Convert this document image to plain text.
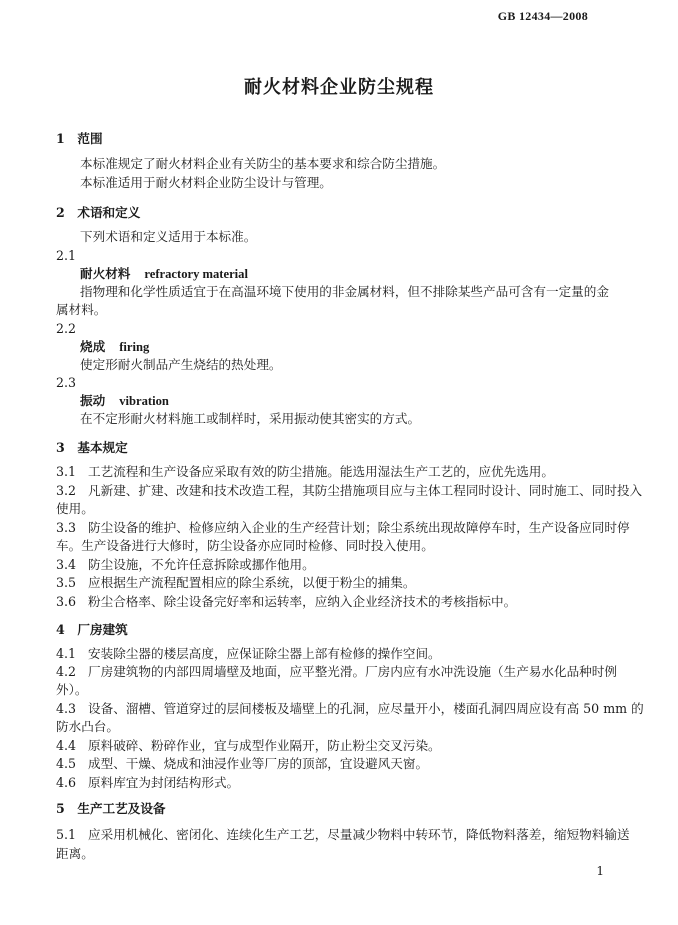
GB 12434—2008
耐火材料企业防尘规程
1　范围
本标准规定了耐火材料企业有关防尘的基本要求和综合防尘措施。
本标准适用于耐火材料企业防尘设计与管理。
2　术语和定义
下列术语和定义适用于本标准。
2.1
耐火材料 refractory material
指物理和化学性质适宜于在高温环境下使用的非金属材料，但不排除某些产品可含有一定量的金
属材料。
2.2
烧成 firing
使定形耐火制品产生烧结的热处理。
2.3
振动 vibration
在不定形耐火材料施工或制样时，采用振动使其密实的方式。
3　基本规定
3.1 工艺流程和生产设备应采取有效的防尘措施。能选用湿法生产工艺的，应优先选用。
3.2 凡新建、扩建、改建和技术改造工程，其防尘措施项目应与主体工程同时设计、同时施工、同时投入
使用。
3.3 防尘设备的维护、检修应纳入企业的生产经营计划；除尘系统出现故障停车时，生产设备应同时停
车。生产设备进行大修时，防尘设备亦应同时检修、同时投入使用。
3.4 防尘设施，不允许任意拆除或挪作他用。
3.5 应根据生产流程配置相应的除尘系统，以便于粉尘的捕集。
3.6 粉尘合格率、除尘设备完好率和运转率，应纳入企业经济技术的考核指标中。
4　厂房建筑
4.1 安装除尘器的楼层高度，应保证除尘器上部有检修的操作空间。
4.2 厂房建筑物的内部四周墙壁及地面，应平整光滑。厂房内应有水冲洗设施（生产易水化品种时例
外）。
4.3 设备、溜槽、管道穿过的层间楼板及墙壁上的孔洞，应尽量开小，楼面孔洞四周应设有高 50 mm 的
防水凸台。
4.4 原料破碎、粉碎作业，宜与成型作业隔开，防止粉尘交叉污染。
4.5 成型、干燥、烧成和油浸作业等厂房的顶部，宜设避风天窗。
4.6 原料库宜为封闭结构形式。
5　生产工艺及设备
5.1 应采用机械化、密闭化、连续化生产工艺，尽量减少物料中转环节，降低物料落差，缩短物料输送
距离。
1
